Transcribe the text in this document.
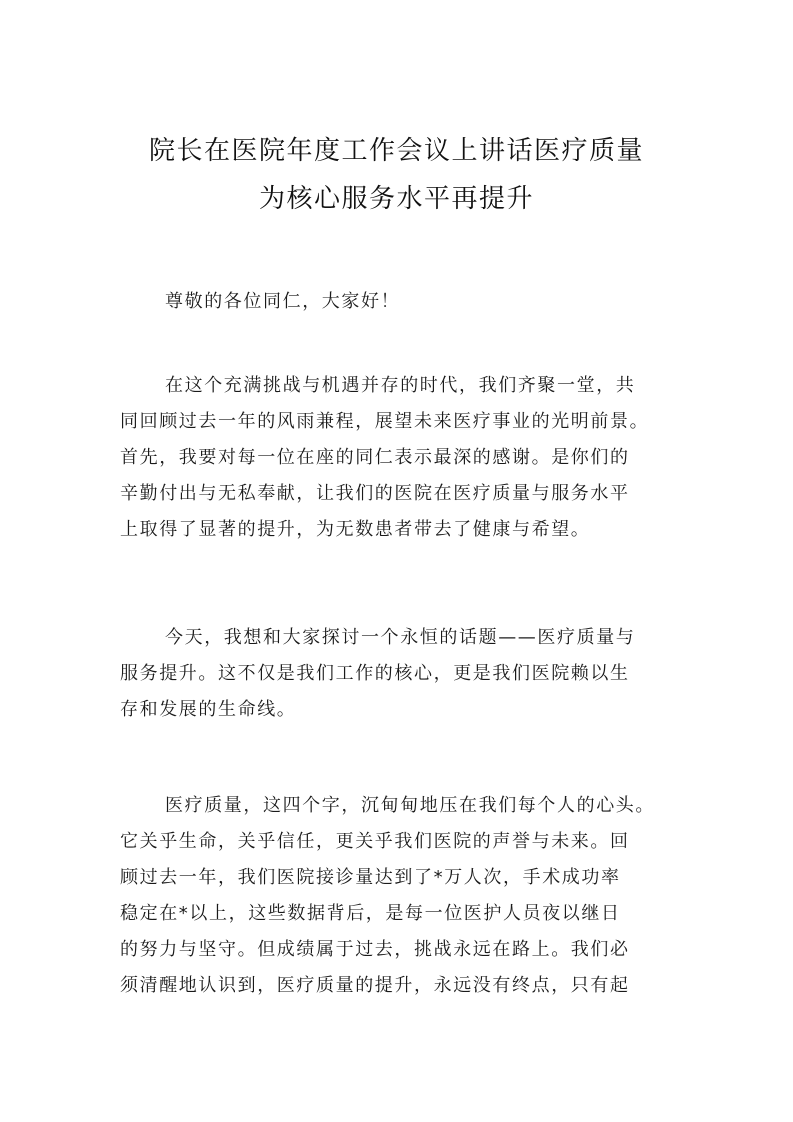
院长在医院年度工作会议上讲话医疗质量
为核心服务水平再提升
尊敬的各位同仁，大家好！
在这个充满挑战与机遇并存的时代，我们齐聚一堂，共
同回顾过去一年的风雨兼程，展望未来医疗事业的光明前景。
首先，我要对每一位在座的同仁表示最深的感谢。是你们的
辛勤付出与无私奉献，让我们的医院在医疗质量与服务水平
上取得了显著的提升，为无数患者带去了健康与希望。
今天，我想和大家探讨一个永恒的话题——医疗质量与
服务提升。这不仅是我们工作的核心，更是我们医院赖以生
存和发展的生命线。
医疗质量，这四个字，沉甸甸地压在我们每个人的心头。
它关乎生命，关乎信任，更关乎我们医院的声誉与未来。回
顾过去一年，我们医院接诊量达到了*万人次，手术成功率
稳定在*以上，这些数据背后，是每一位医护人员夜以继日
的努力与坚守。但成绩属于过去，挑战永远在路上。我们必
须清醒地认识到，医疗质量的提升，永远没有终点，只有起
